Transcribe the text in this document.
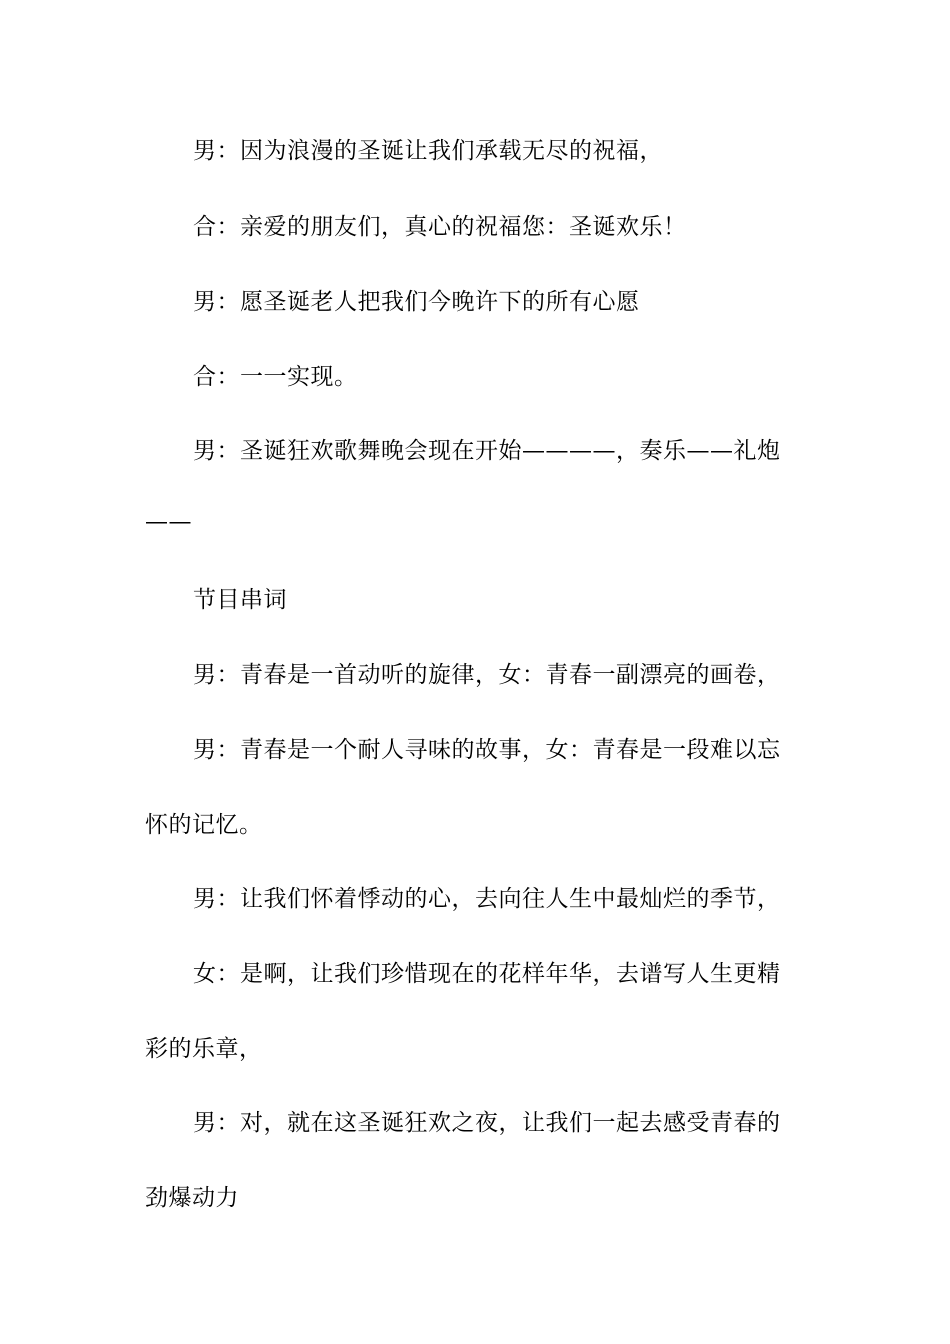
男：因为浪漫的圣诞让我们承载无尽的祝福，
合：亲爱的朋友们，真心的祝福您：圣诞欢乐！
男：愿圣诞老人把我们今晚许下的所有心愿
合：一一实现。
男：圣诞狂欢歌舞晚会现在开始————，奏乐——礼炮
——
节目串词
男：青春是一首动听的旋律，女：青春一副漂亮的画卷，
男：青春是一个耐人寻味的故事，女：青春是一段难以忘
怀的记忆。
男：让我们怀着悸动的心，去向往人生中最灿烂的季节，
女：是啊，让我们珍惜现在的花样年华，去谱写人生更精
彩的乐章，
男：对，就在这圣诞狂欢之夜，让我们一起去感受青春的
劲爆动力
